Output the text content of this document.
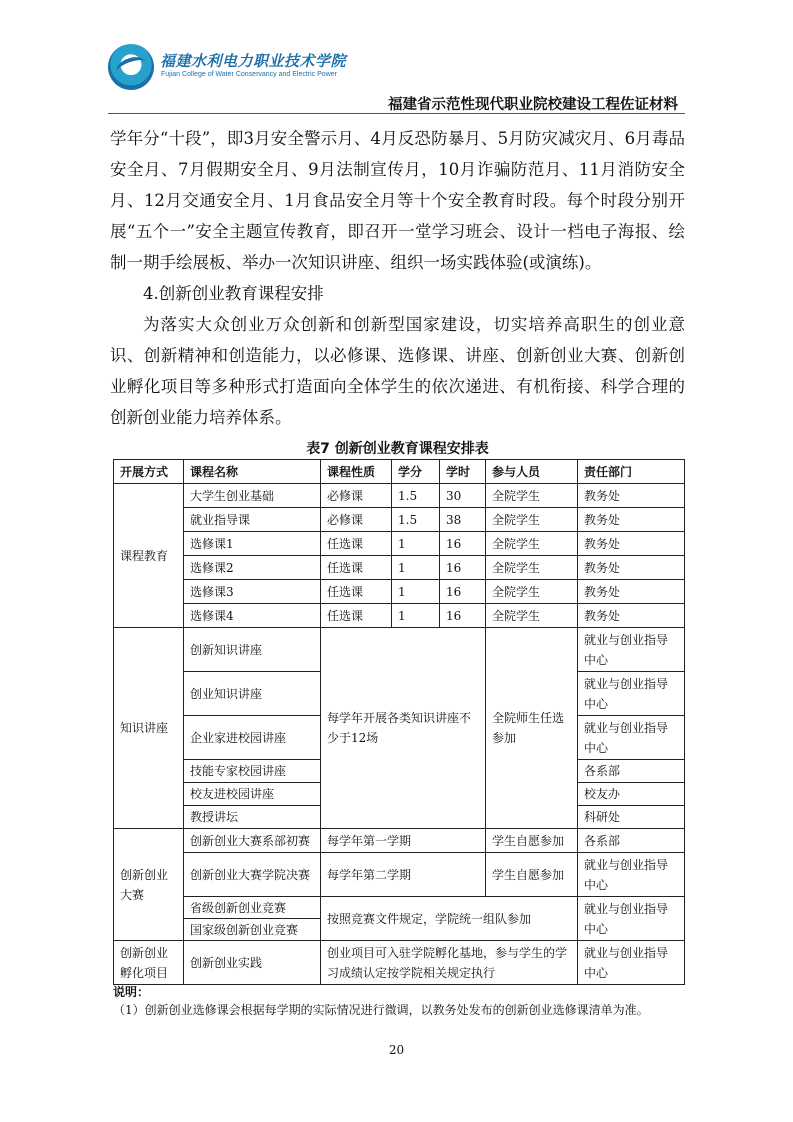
福建水利电力职业技术学院
Fujian College of Water Conservancy and Electric Power
福建省示范性现代职业院校建设工程佐证材料

学年分“十段”，即3月安全警示月、4月反恐防暴月、5月防灾减灾月、6月毒品安全月、7月假期安全月、9月法制宣传月，10月诈骗防范月、11月消防安全月、12月交通安全月、1月食品安全月等十个安全教育时段。每个时段分别开展“五个一”安全主题宣传教育，即召开一堂学习班会、设计一档电子海报、绘制一期手绘展板、举办一次知识讲座、组织一场实践体验(或演练)。

4.创新创业教育课程安排

为落实大众创业万众创新和创新型国家建设，切实培养高职生的创业意识、创新精神和创造能力，以必修课、选修课、讲座、创新创业大赛、创新创业孵化项目等多种形式打造面向全体学生的依次递进、有机衔接、科学合理的创新创业能力培养体系。

表7 创新创业教育课程安排表
开展方式	课程名称	课程性质	学分	学时	参与人员	责任部门
课程教育	大学生创业基础	必修课	1.5	30	全院学生	教务处
	就业指导课	必修课	1.5	38	全院学生	教务处
	选修课1	任选课	1	16	全院学生	教务处
	选修课2	任选课	1	16	全院学生	教务处
	选修课3	任选课	1	16	全院学生	教务处
	选修课4	任选课	1	16	全院学生	教务处
知识讲座	创新知识讲座	每学年开展各类知识讲座不少于12场			全院师生任选参加	就业与创业指导中心
	创业知识讲座					就业与创业指导中心
	企业家进校园讲座					就业与创业指导中心
	技能专家校园讲座					各系部
	校友进校园讲座					校友办
	教授讲坛					科研处
创新创业大赛	创新创业大赛系部初赛	每学年第一学期			学生自愿参加	各系部
	创新创业大赛学院决赛	每学年第二学期			学生自愿参加	就业与创业指导中心
	省级创新创业竞赛	按照竞赛文件规定，学院统一组队参加				就业与创业指导中心
	国家级创新创业竞赛					
创新创业孵化项目	创新创业实践	创业项目可入驻学院孵化基地，参与学生的学习成绩认定按学院相关规定执行				就业与创业指导中心
说明：
（1）创新创业选修课会根据每学期的实际情况进行微调，以教务处发布的创新创业选修课清单为准。
20
